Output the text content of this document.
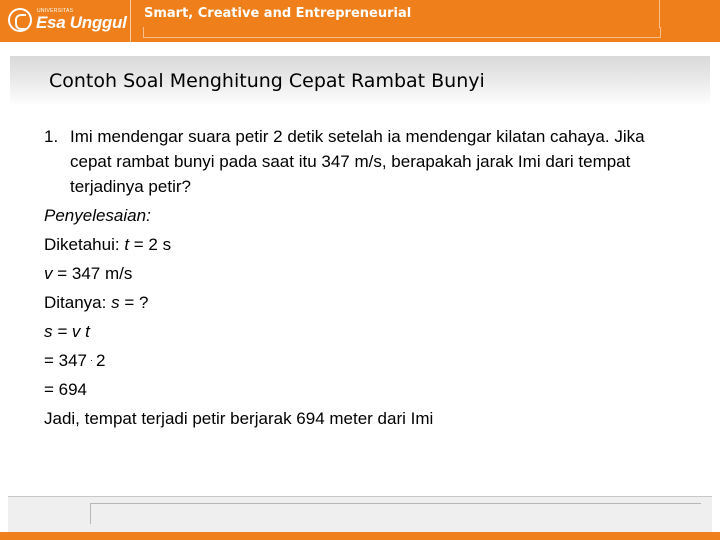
UNIVERSITAS
Esa Unggul Smart, Creative and Entrepreneurial
Contoh Soal Menghitung Cepat Rambat Bunyi
1. Imi mendengar suara petir 2 detik setelah ia mendengar kilatan cahaya. Jika cepat rambat bunyi pada saat itu 347 m/s, berapakah jarak Imi dari tempat terjadinya petir?
Penyelesaian:
Diketahui: t = 2 s
v = 347 m/s
Ditanya: s = ?
s = v t
= 347 · 2
= 694
Jadi, tempat terjadi petir berjarak 694 meter dari Imi
